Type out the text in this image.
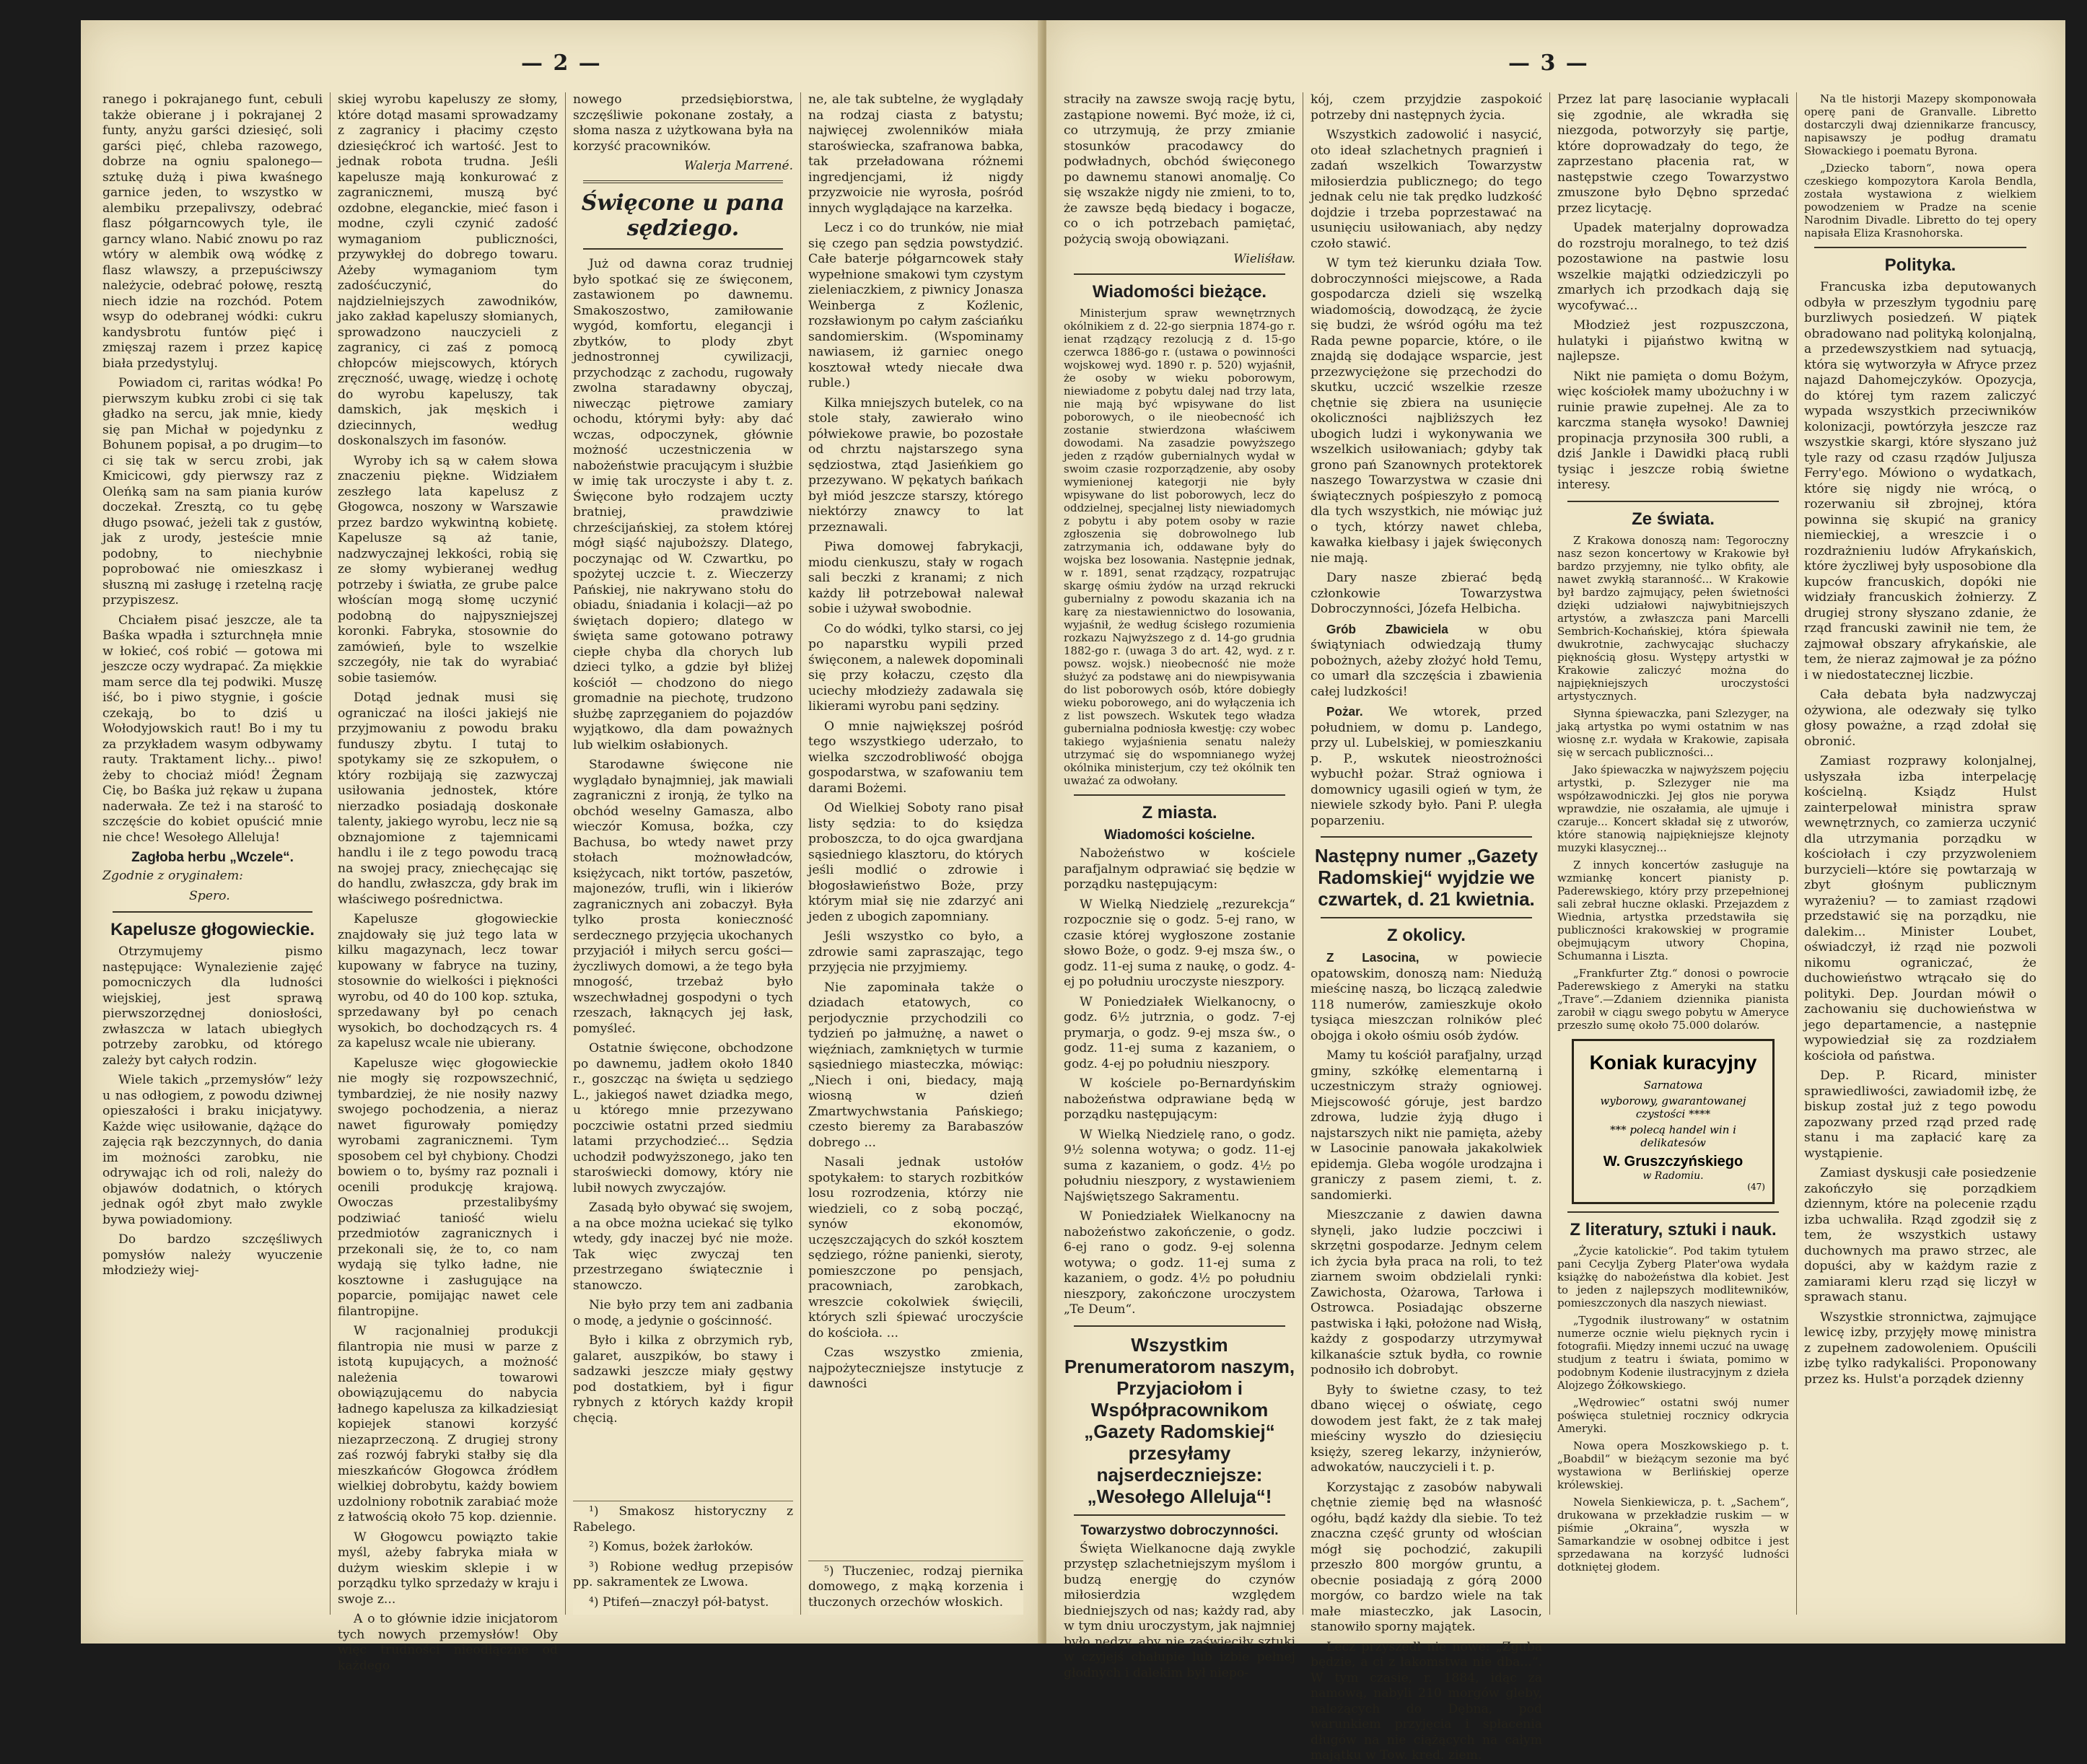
— 2 —

ranego i pokrajanego funt, cebuli także obierane j i pokrajanej 2 funty, anyżu garści dziesięć, soli garści pięć, chleba razowego, dobrze na ogniu spalonego—sztukę dużą i piwa kwaśnego garnice jeden, to wszystko w alembiku przepalivszy, odebrać flasz półgarncowych tyle, ile garncy wlano. Nabić znowu po raz wtóry w alembik ową wódkę z flasz wlawszy, a przepuściwszy należycie, odebrać połowę, resztą niech idzie na rozchód. Potem wsyp do odebranej wódki: cukru kandysbrotu funtów pięć i zmięszaj razem i przez kapicę biała przedystyluj.

Powiadom ci, raritas wódka! Po pierwszym kubku zrobi ci się tak gładko na sercu, jak mnie, kiedy się pan Michał w pojedynku z Bohunem popisał, a po drugim—to ci się tak w sercu zrobi, jak Kmicicowi, gdy pierwszy raz z Oleńką sam na sam piania kurów doczekał. Zresztą, co tu gębę długo psować, jeżeli tak z gustów, jak z urody, jesteście mnie podobny, to niechybnie poprobować nie omieszkasz i słuszną mi zasługę i rzetelną rację przypiszesz.

Chciałem pisać jeszcze, ale ta Baśka wpadła i szturchnęła mnie w łokieć, coś robić — gotowa mi jeszcze oczy wydrapać. Za miękkie mam serce dla tej podwiki. Muszę iść, bo i piwo stygnie, i goście czekają, bo to dziś u Wołodyjowskich raut! Bo i my tu za przykładem wasym odbywamy rauty. Traktament lichy... piwo! żeby to chociaż miód! Żegnam Cię, bo Baśka już rękaw u żupana naderwała. Ze też i na starość to szczęście do kobiet opuścić mnie nie chce! Wesołego Alleluja!

Zagłoba herbu „Wczele“.

Zgodnie z oryginałem:

Spero.

Kapelusze głogowieckie.

Otrzymujemy pismo następujące: Wynalezienie zajęć pomocniczych dla ludności wiejskiej, jest sprawą pierwszorzędnej doniosłości, zwłaszcza w latach ubiegłych potrzeby zarobku, od którego zależy byt całych rodzin.

Wiele takich „przemysłów“ leży u nas odłogiem, z powodu dziwnej opieszałości i braku inicjatywy. Każde więc usiłowanie, dążące do zajęcia rąk bezczynnych, do dania im możności zarobku, nie odrywając ich od roli, należy do objawów dodatnich, o których jednak ogół zbyt mało zwykle bywa powiadomiony.

Do bardzo szczęśliwych pomysłów należy wyuczenie młodzieży wiej-

skiej wyrobu kapeluszy ze słomy, które dotąd masami sprowadzamy z zagranicy i płacimy często dziesięćkroć ich wartość. Jest to jednak robota trudna. Jeśli kapelusze mają konkurować z zagranicznemi, muszą być ozdobne, eleganckie, mieć fason i modne, czyli czynić zadość wymaganiom publiczności, przywykłej do dobrego towaru. Ażeby wymaganiom tym zadośćuczynić, do najdzielniejszych zawodników, jako zakład kapeluszy słomianych, sprowadzono nauczycieli z zagranicy, ci zaś z pomocą chłopców miejscowych, których zręczność, uwagę, wiedzę i ochotę do wyrobu kapeluszy, tak damskich, jak męskich i dziecinnych, według doskonalszych im fasonów.

Wyroby ich są w całem słowa znaczeniu piękne. Widziałem zeszłego lata kapelusz z Głogowca, noszony w Warszawie przez bardzo wykwintną kobietę. Kapelusze są aż tanie, nadzwyczajnej lekkości, robią się ze słomy wybieranej według potrzeby i światła, ze grube palce włoścían mogą słomę uczynić podobną do najpyszniejszej koronki. Fabryka, stosownie do zamówień, byle to wszelkie szczegóły, nie tak do wyrabiać sobie tasiemów.

Dotąd jednak musi się ograniczać na ilości jakiejś nie przyjmowaniu z powodu braku funduszy zbytu. I tutaj to spotykamy się ze szkopułem, o który rozbijają się zazwyczaj usiłowania jednostek, które nierzadko posiadają doskonałe talenty, jakiego wyrobu, lecz nie są obznajomione z tajemnicami handlu i ile z tego powodu tracą na swojej pracy, zniechęcając się do handlu, zwłaszcza, gdy brak im właściwego pośrednictwa.

Kapelusze głogowieckie znajdowały się już tego lata w kilku magazynach, lecz towar kupowany w fabryce na tuziny, stosownie do wielkości i piękności wyrobu, od 40 do 100 kop. sztuka, sprzedawany był po cenach wysokich, bo dochodzących rs. 4 za kapelusz wcale nie ubierany.

Kapelusze więc głogowieckie nie mogły się rozpowszechnić, tymbardziej, że nie nosiły nazwy swojego pochodzenia, a nieraz nawet figurowały pomiędzy wyrobami zagranicznemi. Tym sposobem cel był chybiony. Chodzi bowiem o to, byśmy raz poznali i ocenili produkcję krajową. Owoczas przestalibyśmy podziwiać taniość wielu przedmiotów zagranicznych i przekonali się, że to, co nam wydają się tylko ładne, nie kosztowne i zasługujące na poparcie, pomijając nawet cele filantropijne.

W racjonalniej produkcji filantropia nie musi w parze z istotą kupujących, a możność należenia towarowi obowiązującemu do nabycia ładnego kapelusza za kilkadziesiąt kopiejek stanowi korzyść niezaprzeczoną. Z drugiej strony zaś rozwój fabryki stałby się dla mieszkańców Głogowca źródłem wielkiej dobrobytu, każdy bowiem uzdolniony robotnik zarabiać może z łatwością około 75 kop. dziennie.

W Głogowcu powiązto takie myśl, ażeby fabryka miała w dużym wieskim sklepie i w porządku tylko sprzedaży w kraju i swoje z...

A o to głównie idzie inicjatorom tych nowych przemysłów! Oby więc trudności nieodłączne od każdego

nowego przedsiębiorstwa, szczęśliwie pokonane zostały, a słoma nasza z użytkowana była na korzyść pracowników.

Walerja Marrené.
Święcone u pana sędziego.

Już od dawna coraz trudniej było spotkać się ze święconem, zastawionem po dawnemu. Smakoszostwo, zamiłowanie wygód, komfortu, elegancji i zbytków, to plody zbyt jednostronnej cywilizacji, przychodząc z zachodu, rugowały zwolna staradawny obyczaj, niwecząc piętrowe zamiary ochodu, którymi były: aby dać wczas, odpoczynek, głównie możność uczestniczenia w nabożeństwie pracującym i służbie w imię tak uroczyste i aby t. z. Święcone było rodzajem uczty bratniej, prawdziwie chrześcijańskiej, za stołem której mógł siąść najuboższy. Dlatego, poczynając od W. Czwartku, po spożytej uczcie t. z. Wieczerzy Pańskiej, nie nakrywano stołu do obiadu, śniadania i kolacji—aż po świętach dopiero; dlatego w święta same gotowano potrawy ciepłe chyba dla chorych lub dzieci tylko, a gdzie był bliżej kościół — chodzono do niego gromadnie na piechotę, trudzono służbę zaprzęganiem do pojazdów wyjątkowo, dla dam poważnych lub wielkim osłabionych.

Starodawne święcone nie wyglądało bynajmniej, jak mawiali zagraniczni z ironją, że tylko na obchód weselny Gamasza, albo wieczór Komusa, boźka, czy Bachusa, bo wtedy nawet przy stołach możnowładców, księżycach, nikt tortów, paszetów, majonezów, trufli, win i likierów zagranicznych ani zobaczył. Była tylko prosta konieczność serdecznego przyjęcia ukochanych przyjaciół i miłych sercu gości—życzliwych domowi, a że tego była mnogość, trzebaż było wszechwładnej gospodyni o tych rzeszach, łaknących jej łask, pomyśleć.

Ostatnie święcone, obchodzone po dawnemu, jadłem około 1840 r., goszcząc na święta u sędziego L., jakiegoś nawet dziadka mego, u którego mnie przezywano poczciwie ostatni przed siedmiu latami przychodzieć... Sędzia uchodził podwyższonego, jako ten staroświecki domowy, który nie lubił nowych zwyczajów.

Zasadą było obywać się swojem, a na obce można uciekać się tylko wtedy, gdy inaczej być nie może. Tak więc zwyczaj ten przestrzegano świątecznie i stanowczo.

Nie było przy tem ani zadbania o modę, a jedynie o gościnność.

Było i kilka z obrzymich ryb, galaret, auszpików, bo stawy i sadzawki jeszcze miały gęstwy pod dostatkiem, był i figur rybnych z których każdy kropił chęcią.

¹) Smakosz historyczny z Rabelego.

²) Komus, bożek żarłoków.

³) Robione według przepisów pp. sakramentek ze Lwowa.

⁴) Ptifeń—znaczył pół-batyst.

ne, ale tak subtelne, że wyglądały na rodzaj ciasta z batystu; najwięcej zwolenników miała staroświecka, szafranowa babka, tak przeładowana różnemi ingredjencjami, iż nigdy przyzwoicie nie wyrosła, pośród innych wyglądające na karzełka.

Lecz i co do trunków, nie miał się czego pan sędzia powstydzić. Całe baterje półgarncowek stały wypełnione smakowi tym czystym zieleniaczkiem, z piwnicy Jonasza Weinberga z Koźlenic, rozsławionym po całym zaściańku sandomierskim. (Wspominamy nawiasem, iż garniec onego kosztował wtedy niecałe dwa ruble.)

Kilka mniejszych butelek, co na stole stały, zawierało wino półwiekowe prawie, bo pozostałe od chrztu najstarszego syna sędziostwa, ztąd Jasieńkiem go przezywano. W pękatych bańkach był miód jeszcze starszy, którego niektórzy znawcy to lat przeznawali.

Piwa domowej fabrykacji, miodu cienkuszu, stały w rogach sali beczki z kranami; z nich każdy lił potrzebował nalewał sobie i używał swobodnie.

Co do wódki, tylko starsi, co jej po naparstku wypili przed święconem, a nalewek dopominali się przy kołaczu, często dla uciechy młodzieży zadawala się likierami wyrobu pani sędziny.

O mnie największej pośród tego wszystkiego uderzało, to wielka szczodrobliwość obojga gospodarstwa, w szafowaniu tem darami Bożemi.

Od Wielkiej Soboty rano pisał listy sędzia: to do księdza proboszcza, to do ojca gwardjana sąsiedniego klasztoru, do których jeśli modlić o zdrowie i błogosławieństwo Boże, przy którym miał się nie zdarzyć ani jeden z ubogich zapomniany.

Jeśli wszystko co było, a zdrowie sami zapraszając, tego przyjęcia nie przyjmiemy.

Nie zapominała także o dziadach etatowych, co perjodycznie przychodzili co tydzień po jałmużnę, a nawet o więźniach, zamkniętych w turmie sąsiedniego miasteczka, mówiąc: „Niech i oni, biedacy, mają wiosną w dzień Zmartwychwstania Pańskiego; czesto bieremy za Barabaszów dobrego ...

Nasali jednak ustołów spotykałem: to starych rozbitków losu rozrodzenia, którzy nie wiedzieli, co z sobą począć, synów ekonomów, uczęszczających do szkół kosztem sędziego, różne panienki, sieroty, pomieszczone po pensjach, pracowniach, zarobkach, wreszcie cokolwiek święcili, których szli śpiewać uroczyście do kościoła. ...

Czas wszystko zmienia, najpożyteczniejsze instytucje z dawności

⁵) Tłuczeniec, rodzaj piernika domowego, z mąką korzenia i tłuczonych orzechów włoskich.

— 3 —

straciły na zawsze swoją rację bytu, zastąpione nowemi. Być może, iż ci, co utrzymują, że przy zmianie stosunków pracodawcy do podwładnych, obchód święconego po dawnemu stanowi anomalję. Co się wszakże nigdy nie zmieni, to to, że zawsze będą biedacy i bogacze, co o ich potrzebach pamiętać, pożycią swoją obowiązani.

Wieliśław.
Wiadomości bieżące.

Ministerjum spraw wewnętrznych okólnikiem z d. 22-go sierpnia 1874-go r. ienat rządzący rezolucją z d. 15-go czerwca 1886-go r. (ustawa o powinności wojskowej wyd. 1890 r. p. 520) wyjaśnił, że osoby w wieku poborowym, niewiadome z pobytu dalej nad trzy lata, nie mają być wpisywane do list poborowych, o ile nieobecność ich zostanie stwierdzona właściwem dowodami. Na zasadzie powyższego jeden z rządów gubernialnych wydał w swoim czasie rozporządzenie, aby osoby wymienionej kategorji nie były wpisywane do list poborowych, lecz do oddzielnej, specjalnej listy niewiadomych z pobytu i aby potem osoby w razie zgłoszenia się dobrowolnego lub zatrzymania ich, oddawane były do wojska bez losowania. Następnie jednak, w r. 1891, senat rządzący, rozpatrując skargę ośmiu żydów na urząd rekrucki gubernialny z powodu skazania ich na karę za niestawiennictwo do losowania, wyjaśnił, że według ścisłego rozumienia rozkazu Najwyższego z d. 14-go grudnia 1882-go r. (uwaga 3 do art. 42, wyd. z r. powsz. wojsk.) nieobecność nie może służyć za podstawę ani do niewpisywania do list poborowych osób, które dobiegły wieku poborowego, ani do wyłączenia ich z list powszech. Wskutek tego władza gubernialna podniosła kwestję: czy wobec takiego wyjaśnienia senatu należy utrzymać się do wspomnianego wyżej okólnika ministerjum, czy też okólnik ten uważać za odwołany.

Z miasta.
Wiadomości kościelne.

Nabożeństwo w kościele parafjalnym odprawiać się będzie w porządku następującym:

W Wielką Niedzielę „rezurekcja“ rozpocznie się o godz. 5-ej rano, w czasie której wygłoszone zostanie słowo Boże, o godz. 9-ej msza św., o godz. 11-ej suma z naukę, o godz. 4-ej po południu uroczyste nieszpory.

W Poniedziałek Wielkanocny, o godz. 6½ jutrznia, o godz. 7-ej prymarja, o godz. 9-ej msza św., o godz. 11-ej suma z kazaniem, o godz. 4-ej po południu nieszpory.

W kościele po-Bernardyńskim nabożeństwa odprawiane będą w porządku następującym:

W Wielką Niedzielę rano, o godz. 9½ solenna wotywa; o godz. 11-ej suma z kazaniem, o godz. 4½ po południu nieszpory, z wystawieniem Najświętszego Sakramentu.

W Poniedziałek Wielkanocny na nabożeństwo zakończenie, o godz. 6-ej rano o godz. 9-ej solenna wotywa; o godz. 11-ej suma z kazaniem, o godz. 4½ po południu nieszpory, zakończone uroczystem „Te Deum“.

Wszystkim Prenumeratorom naszym, Przyjaciołom i Współpracownikom „Gazety Radomskiej“ przesyłamy najserdeczniejsze: „Wesołego Alleluja“!
Towarzystwo dobroczynności.

Święta Wielkanocne dają zwykle przystęp szlachetniejszym myślom i budzą energję do czynów miłosierdzia względem biedniejszych od nas; każdy rad, aby w tym dniu uroczystym, jak najmniej było nędzy, aby nie zaświeciły sztuki w czyjejś chałupie lub izbie pełnej głodnych i dalekim był niepo-

kój, czem przyjdzie zaspokoić potrzeby dni następnych życia.

Wszystkich zadowolić i nasycić, oto ideał szlachetnych pragnień i zadań wszelkich Towarzystw miłosierdzia publicznego; do tego jednak celu nie tak prędko ludzkość dojdzie i trzeba poprzestawać na usunięciu usiłowaniach, aby nędzy czoło stawić.

W tym też kierunku działa Tow. dobroczynności miejscowe, a Rada gospodarcza dzieli się wszelką wiadomością, dowodzącą, że życie się budzi, że wśród ogółu ma też Rada pewne poparcie, które, o ile znajdą się dodające wsparcie, jest przezwyciężone się przechodzi do skutku, uczcić wszelkie rzesze chętnie się zbiera na usunięcie okoliczności najbliższych łez ubogich ludzi i wykonywania we wszelkich usiłowaniach; gdyby tak grono pań Szanownych protektorek naszego Towarzystwa w czasie dni świątecznych pośpieszyło z pomocą dla tych wszystkich, nie mówiąc już o tych, którzy nawet chleba, kawałka kiełbasy i jajek święconych nie mają.

Dary nasze zbierać będą członkowie Towarzystwa Dobroczynności, Józefa Helbicha.

Grób Zbawiciela w obu świątyniach odwiedzają tłumy pobożnych, ażeby złożyć hołd Temu, co umarł dla szczęścia i zbawienia całej ludzkości!

Pożar. We wtorek, przed południem, w domu p. Landego, przy ul. Lubelskiej, w pomieszkaniu p. P., wskutek nieostrożności wybuchł pożar. Straż ogniowa i domownicy ugasili ogień w tym, że niewiele szkody było. Pani P. uległa poparzeniu.

Następny numer „Gazety Radomskiej“ wyjdzie we czwartek, d. 21 kwietnia.
Z okolicy.

Z Lasocina, w powiecie opatowskim, donoszą nam: Niedużą mieścinę naszą, bo liczącą zaledwie 118 numerów, zamieszkuje około tysiąca mieszczan rolników pleć obojga i około ośmiu osób żydów.

Mamy tu kościół parafjalny, urząd gminy, szkółkę elementarną i uczestniczym straży ogniowej. Miejscowość góruje, jest bardzo zdrowa, ludzie żyją długo i najstarszych nikt nie pamięta, ażeby w Lasocinie panowała jakakolwiek epidemja. Gleba wogóle urodzajna i graniczy z pasem ziemi, t. z. sandomierki.

Mieszczanie z dawien dawna słynęli, jako ludzie poczciwi i skrzętni gospodarze. Jednym celem ich życia była praca na roli, to też ziarnem swoim obdzielali rynki: Zawichosta, Ożarowa, Tarłowa i Ostrowca. Posiadając obszerne pastwiska i łąki, położone nad Wisłą, każdy z gospodarzy utrzymywał kilkanaście sztuk bydła, co rownie podnosiło ich dobrobyt.

Były to świetne czasy, to też dbano więcej o oświatę, cego dowodem jest fakt, że z tak małej mieściny wyszło do dziesięciu księży, szereg lekarzy, inżynierów, adwokatów, nauczycieli i t. p.

Korzystając z zasobów nabywali chętnie ziemię będ na własność ogółu, bądź każdy dla siebie. To też znaczna część grunty od włościan mógł się pochodzić, zakupili przeszło 800 morgów gruntu, a obecnie posiadają z górą 2000 morgów, co bardzo wiele na tak małe miasteczko, jak Lasocin, stanowiło sporny majątek.

Lecz przyszedł nie nowe: „Zguba będzie, a ci z łakomstwa nie dba...“. W tym czasie, r. 1884, idąc za namową, nabyli 210 morgów gleby, należących do Dębna, pod warunkiem przyjęcia i spłacenia długów na nie ciążących na całym majątku w Tow. kred. ziem.

Przez lat parę lasocianie wypłacali się zgodnie, ale wkradła się niezgoda, potworzyły się partje, które doprowadzały do tego, że zaprzestano płacenia rat, w następstwie czego Towarzystwo zmuszone było Dębno sprzedać przez licytację.

Upadek materjalny doprowadza do rozstroju moralnego, to też dziś pozostawione na pastwie losu wszelkie majątki odziedziczyli po zmarłych ich przodkach dają się wycofywać...

Młodzież jest rozpuszczona, hulatyki i pijaństwo kwitną w najlepsze.

Nikt nie pamięta o domu Bożym, więc kościołek mamy ubożuchny i w ruinie prawie zupełnej. Ale za to karczma stanęła wysoko! Dawniej propinacja przynosiła 300 rubli, a dziś Jankle i Dawidki płacą rubli tysiąc i jeszcze robią świetne interesy.

Ze świata.

Z Krakowa donoszą nam: Tegoroczny nasz sezon koncertowy w Krakowie był bardzo przyjemny, nie tylko obfity, ale nawet zwykłą staranność... W Krakowie był bardzo zajmujący, pełen świetności dzięki udziałowi najwybitniejszych artystów, a zwłaszcza pani Marcelli Sembrich-Kochańskiej, która śpiewała dwukrotnie, zachwycając słuchaczy pięknością głosu. Występy artystki w Krakowie zaliczyć można do najpiękniejszych uroczystości artystycznych.

Słynna śpiewaczka, pani Szlezyger, na jaką artystka po wymi ostatnim w nas wiosnę z.r. wydała w Krakowie, zapisała się w sercach publiczności...

Jako śpiewaczka w najwyższem pojęciu artystki, p. Szlezyger nie ma współzawodniczki. Jej głos nie porywa wprawdzie, nie oszałamia, ale ujmuje i czaruje... Koncert składał się z utworów, które stanowią najpiękniejsze klejnoty muzyki klasycznej...

Z innych koncertów zasługuje na wzmiankę koncert pianisty p. Paderewskiego, który przy przepełnionej sali zebrał huczne oklaski. Przejazdem z Wiednia, artystka przedstawiła się publiczności krakowskiej w programie obejmującym utwory Chopina, Schumanna i Liszta.

„Frankfurter Ztg.“ donosi o powrocie Paderewskiego z Ameryki na statku „Trave“.—Zdaniem dziennika pianista zarobił w ciągu swego pobytu w Ameryce przeszło sumę około 75.000 dolarów.

Koniak kuracyjny
Sarnatowa
wyborowy, gwarantowanej czystości ****
*** polecą handel win i delikatesów
W. Gruszczyńskiego
w Radomiu.
(47)
Z literatury, sztuki i nauk.

„Życie katolickie“. Pod takim tytułem pani Cecylja Zyberg Plater'owa wydała książkę do nabożeństwa dla kobiet. Jest to jeden z najlepszych modlitewników, pomieszczonych dla naszych niewiast.

„Tygodnik ilustrowany“ w ostatnim numerze ocznie wielu pięknych rycin i fotografii. Między innemi uczuć na uwagę studjum z teatru i świata, pomimo w podobnym Kodenie ilustracyjnym z dzieła Alojzego Żółkowskiego.

„Wędrowiec“ ostatni swój numer poświęca stuletniej rocznicy odkrycia Ameryki.

Nowa opera Moszkowskiego p. t. „Boabdil“ w bieżącym sezonie ma być wystawiona w Berlińskiej operze królewskiej.

Nowela Sienkiewicza, p. t. „Sachem“, drukowana w przekładzie ruskim — w piśmie „Okraina“, wyszła w Samarkandzie w osobnej odbitce i jest sprzedawana na korzyść ludności dotkniętej głodem.

Na tle historji Mazepy skomponowała operę pani de Granvalle. Libretto dostarczyli dwaj dziennikarze francuscy, napisawszy je podług dramatu Słowackiego i poematu Byrona.

„Dziecko taborn“, nowa opera czeskiego kompozytora Karola Bendla, została wystawiona z wielkiem powodzeniem w Pradze na scenie Narodnim Divadle. Libretto do tej opery napisała Eliza Krasnohorska.

Polityka.

Francuska izba deputowanych odbyła w przeszłym tygodniu parę burzliwych posiedzeń. W piątek obradowano nad polityką kolonjalną, a przedewszystkiem nad sytuacją, która się wytworzyła w Afryce przez najazd Dahomejczyków. Opozycja, do której tym razem zaliczyć wypada wszystkich przeciwników kolonizacji, powtórzyła jeszcze raz wszystkie skargi, które słyszano już tyle razy od czasu rządów Juljusza Ferry'ego. Mówiono o wydatkach, które się nigdy nie wrócą, o rozerwaniu sił zbrojnej, która powinna się skupić na granicy niemieckiej, a wreszcie i o rozdrażnieniu ludów Afrykańskich, które życzliwej były usposobione dla kupców francuskich, dopóki nie widziały francuskich żołnierzy. Z drugiej strony słyszano zdanie, że rząd francuski zawinił nie tem, że zajmował obszary afrykańskie, ale tem, że nieraz zajmował je za późno i w niedostatecznej liczbie.

Cała debata była nadzwyczaj ożywiona, ale odezwały się tylko głosy poważne, a rząd zdołał się obronić.

Zamiast rozprawy kolonjalnej, usłyszała izba interpelację kościelną. Ksiądz Hulst zainterpelował ministra spraw wewnętrznych, co zamierza uczynić dla utrzymania porządku w kościołach i czy przyzwoleniem burzycieli—które się powtarzają w zbyt głośnym publicznym wyrażeniu? — to zamiast rządowi przedstawić się na porządku, nie dalekim... Minister Loubet, oświadczył, iż rząd nie pozwoli nikomu ograniczać, że duchowieństwo wtrącało się do polityki. Dep. Jourdan mówił o zachowaniu się duchowieństwa w jego departamencie, a następnie wypowiedział się za rozdziałem kościoła od państwa.

Dep. P. Ricard, minister sprawiedliwości, zawiadomił izbę, że biskup został już z tego powodu zapozwany przed rząd przed radę stanu i ma zapłacić karę za wystąpienie.

Zamiast dyskusji całe posiedzenie zakończyło się porządkiem dziennym, które na polecenie rządu izba uchwaliła. Rząd zgodził się z tem, że wszystkich ustawy duchownych ma prawo strzec, ale dopuści, aby w każdym razie z zamiarami kleru rząd się liczył w sprawach stanu.

Wszystkie stronnictwa, zajmujące lewicę izby, przyjęły mowę ministra z zupełnem zadowoleniem. Opuścili izbę tylko radykaliści. Proponowany przez ks. Hulst'a porządek dzienny
